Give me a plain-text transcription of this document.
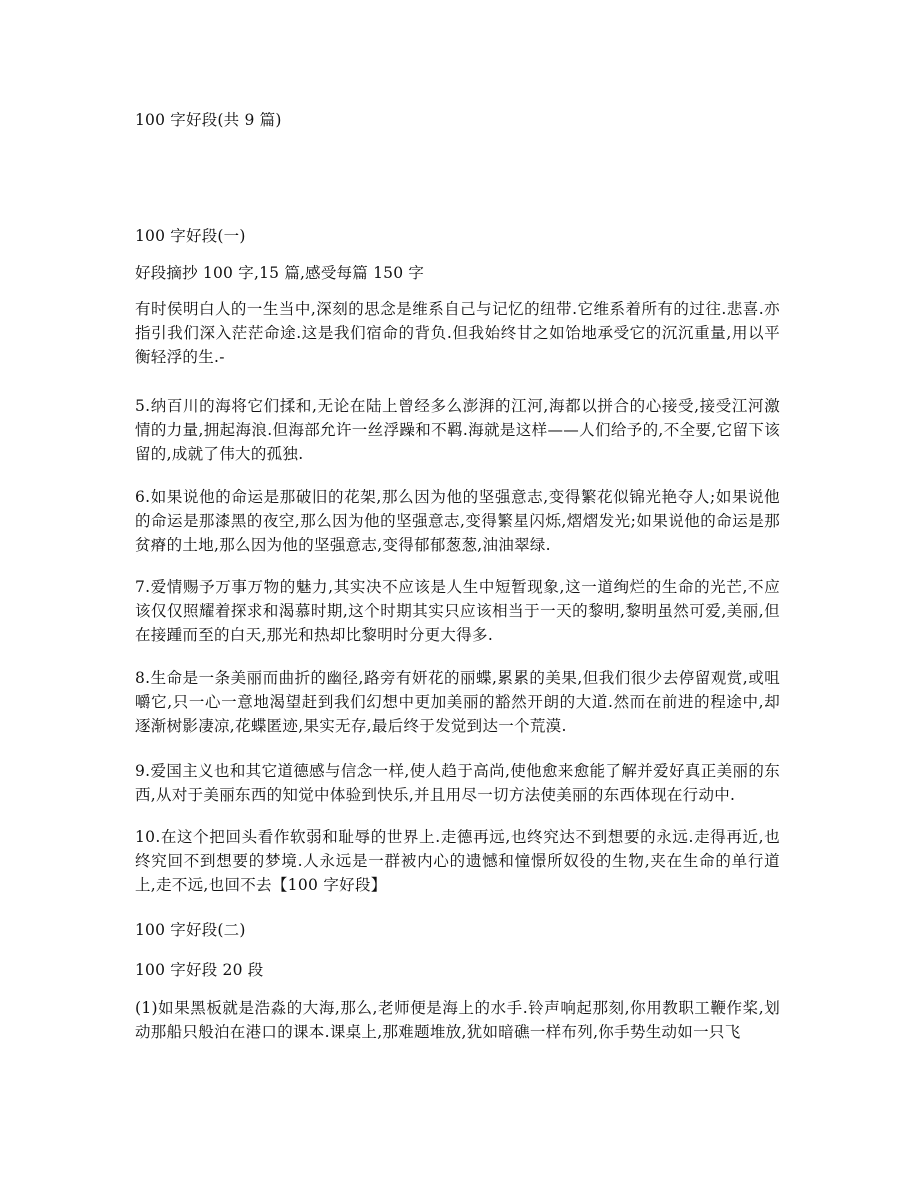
100 字好段(共 9 篇)
100 字好段(一)
好段摘抄 100 字,15 篇,感受每篇 150 字
有时侯明白人的一生当中,深刻的思念是维系自己与记忆的纽带.它维系着所有的过往.悲喜.亦指引我们深入茫茫命途.这是我们宿命的背负.但我始终甘之如饴地承受它的沉沉重量,用以平衡轻浮的生.-
5.纳百川的海将它们揉和,无论在陆上曾经多么澎湃的江河,海都以拼合的心接受,接受江河激情的力量,拥起海浪.但海部允许一丝浮躁和不羁.海就是这样——人们给予的,不全要,它留下该留的,成就了伟大的孤独.
6.如果说他的命运是那破旧的花架,那么因为他的坚强意志,变得繁花似锦光艳夺人;如果说他的命运是那漆黑的夜空,那么因为他的坚强意志,变得繁星闪烁,熠熠发光;如果说他的命运是那贫瘠的土地,那么因为他的坚强意志,变得郁郁葱葱,油油翠绿.
7.爱情赐予万事万物的魅力,其实决不应该是人生中短暂现象,这一道绚烂的生命的光芒,不应该仅仅照耀着探求和渴慕时期,这个时期其实只应该相当于一天的黎明,黎明虽然可爱,美丽,但在接踵而至的白天,那光和热却比黎明时分更大得多.
8.生命是一条美丽而曲折的幽径,路旁有妍花的丽蝶,累累的美果,但我们很少去停留观赏,或咀嚼它,只一心一意地渴望赶到我们幻想中更加美丽的豁然开朗的大道.然而在前进的程途中,却逐渐树影凄凉,花蝶匿迹,果实无存,最后终于发觉到达一个荒漠.
9.爱国主义也和其它道德感与信念一样,使人趋于高尚,使他愈来愈能了解并爱好真正美丽的东西,从对于美丽东西的知觉中体验到快乐,并且用尽一切方法使美丽的东西体现在行动中.
10.在这个把回头看作软弱和耻辱的世界上.走德再远,也终究达不到想要的永远.走得再近,也终究回不到想要的梦境.人永远是一群被内心的遗憾和憧憬所奴役的生物,夹在生命的单行道上,走不远,也回不去【100 字好段】
100 字好段(二)
100 字好段 20 段
(1)如果黑板就是浩淼的大海,那么,老师便是海上的水手.铃声响起那刻,你用教职工鞭作桨,划动那船只般泊在港口的课本.课桌上,那难题堆放,犹如暗礁一样布列,你手势生动如一只飞
